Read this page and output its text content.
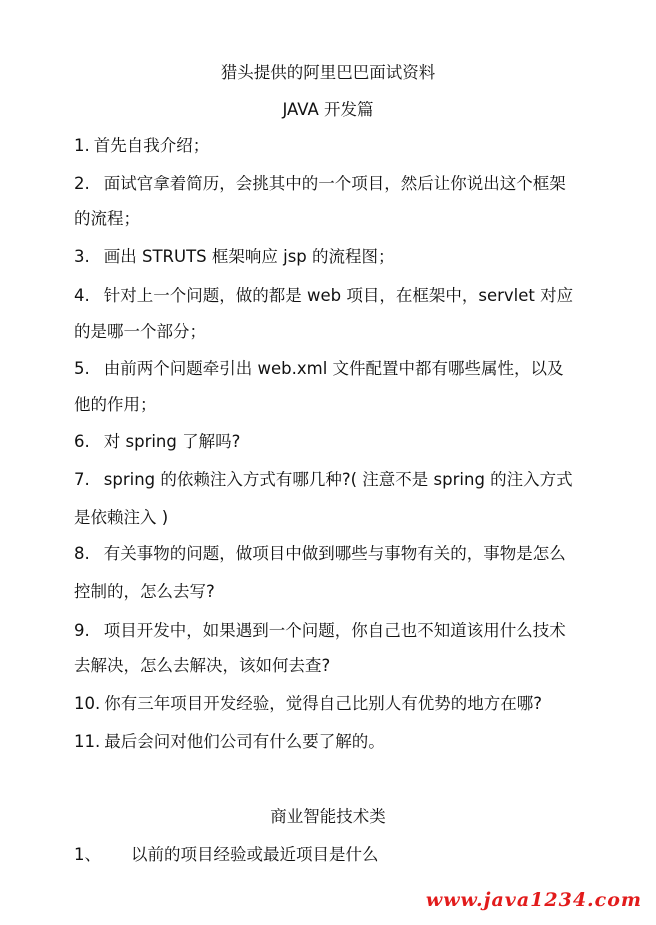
猎头提供的阿里巴巴面试资料
JAVA 开发篇
1. 首先自我介绍；
2. 面试官拿着简历，会挑其中的一个项目，然后让你说出这个框架
的流程；
3. 画出 STRUTS 框架响应 jsp 的流程图；
4. 针对上一个问题，做的都是 web 项目，在框架中，servlet 对应
的是哪一个部分；
5. 由前两个问题牵引出 web.xml 文件配置中都有哪些属性，以及
他的作用；
6. 对 spring 了解吗?
7. spring 的依赖注入方式有哪几种?( 注意不是 spring 的注入方式
是依赖注入 )
8. 有关事物的问题，做项目中做到哪些与事物有关的，事物是怎么
控制的，怎么去写?
9. 项目开发中，如果遇到一个问题，你自己也不知道该用什么技术
去解决，怎么去解决，该如何去查?
10. 你有三年项目开发经验，觉得自己比别人有优势的地方在哪?
11. 最后会问对他们公司有什么要了解的。
商业智能技术类
1、 以前的项目经验或最近项目是什么
www.java1234.com
